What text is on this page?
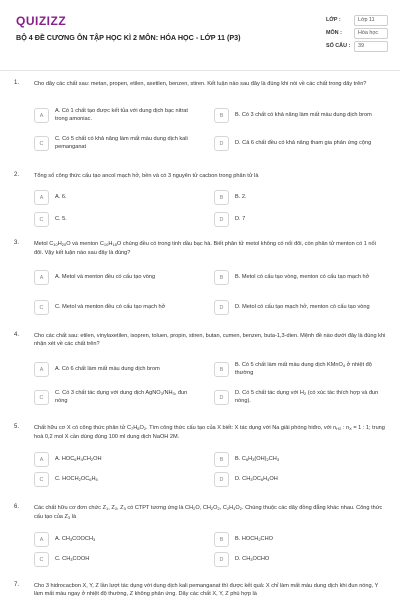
QUIZIZZ
BỘ 4 ĐỀ CƯƠNG ÔN TẬP HỌC KÌ 2 MÔN: HÓA HỌC - LỚP 11 (P3)
LỚP :	Lớp 11
MÔN :	Hóa học
SỐ CÂU :	39
1.	Cho dãy các chất sau: metan, propen, etilen, axetilen, benzen, stiren. Kết luận nào sau đây là đúng khi nói về các chất trong dãy trên?
A
A. Có 1 chất tạo được kết tủa với dung dịch bạc nitrat trong amoniac.
B	B. Có 3 chất có khả năng làm mất màu dung dịch brom
C
C. Có 5 chất có khả năng làm mất màu dung dịch kali pemanganat
D	D. Cả 6 chất đều có khả năng tham gia phản ứng cộng
2.	Tổng số công thức cấu tạo ancol mạch hở, bền và có 3 nguyên tử cacbon trong phân tử là
A	A. 6.	B	B. 2.
C	C. 5.	D	D. 7
3.	Metol $C_{10}H_{20}O$ và menton $C_{10}H_{18}O$ chúng đều có trong tinh dầu bạc hà. Biết phân tử metol không có nối đôi, còn phân tử menton có 1 nối đôi. Vậy kết luận nào sau đây là đúng?
A	A. Metol và menton đều có cấu tạo vòng	B	B. Metol có cấu tạo vòng, menton có cấu tạo mạch hở
C	C. Metol và menton đều có cấu tạo mạch hở	D	D. Metol có cấu tạo mạch hở, menton có cấu tạo vòng
4.	Cho các chất sau: etilen, vinylaxetilen, isopren, toluen, propin, stiren, butan, cumen, benzen, buta-1,3-dien. Mệnh đề nào dưới đây là đúng khi nhận xét về các chất trên?
A	A. Có 6 chất làm mất màu dung dịch brom	B
B. Có 5 chất làm mất màu dung dịch KMnO$_4$ ở nhiệt độ thường
C
C. Có 3 chất tác dụng với dung dịch $AgNO_3/NH_3$, đun nóng	D
D. Có 5 chất tác dụng với $H_2$ (có xúc tác thích hợp và đun nóng).
5.	Chất hữu cơ X có công thức phân tử $C_7H_8O_2$. Tìm công thức cấu tạo của X biết: X tác dụng với Na giải phóng hiđro, với $n_{H2}$ : $n_X = 1$ : 1; trung hoà 0,2 mol X cần dùng đúng 100 ml dung dịch NaOH 2M.
A	A. $HOC_6H_4CH_2OH$	B	B. $C_6H_3(OH)_2CH_3$
C	C. $HOCH_2OC_6H_5$	D	D. $CH_3OC_6H_4OH$
6.	Các chất hữu cơ đơn chức $Z_1$, $Z_2$, $Z_3$ có CTPT tương ứng là $CH_2O$, $CH_2O_2$, $C_2H_4O_2$. Chúng thuộc các dãy đồng đẳng khác nhau. Công thức cấu tạo của $Z_3$ là
A	A. $CH_3COOCH_3$	B	B. $HOCH_2CHO$
C	C. $CH_3COOH$	D	D. $CH_3OCHO$
7.	Cho 3 hidrocacbon X, Y, Z lần lượt tác dụng với dung dịch kali pemanganat thì được kết quả: X chỉ làm mất màu dung dịch khi đun nóng, Y làm mất màu ngay ở nhiệt độ thường, Z không phản ứng. Dãy các chất X, Y, Z phù hợp là
